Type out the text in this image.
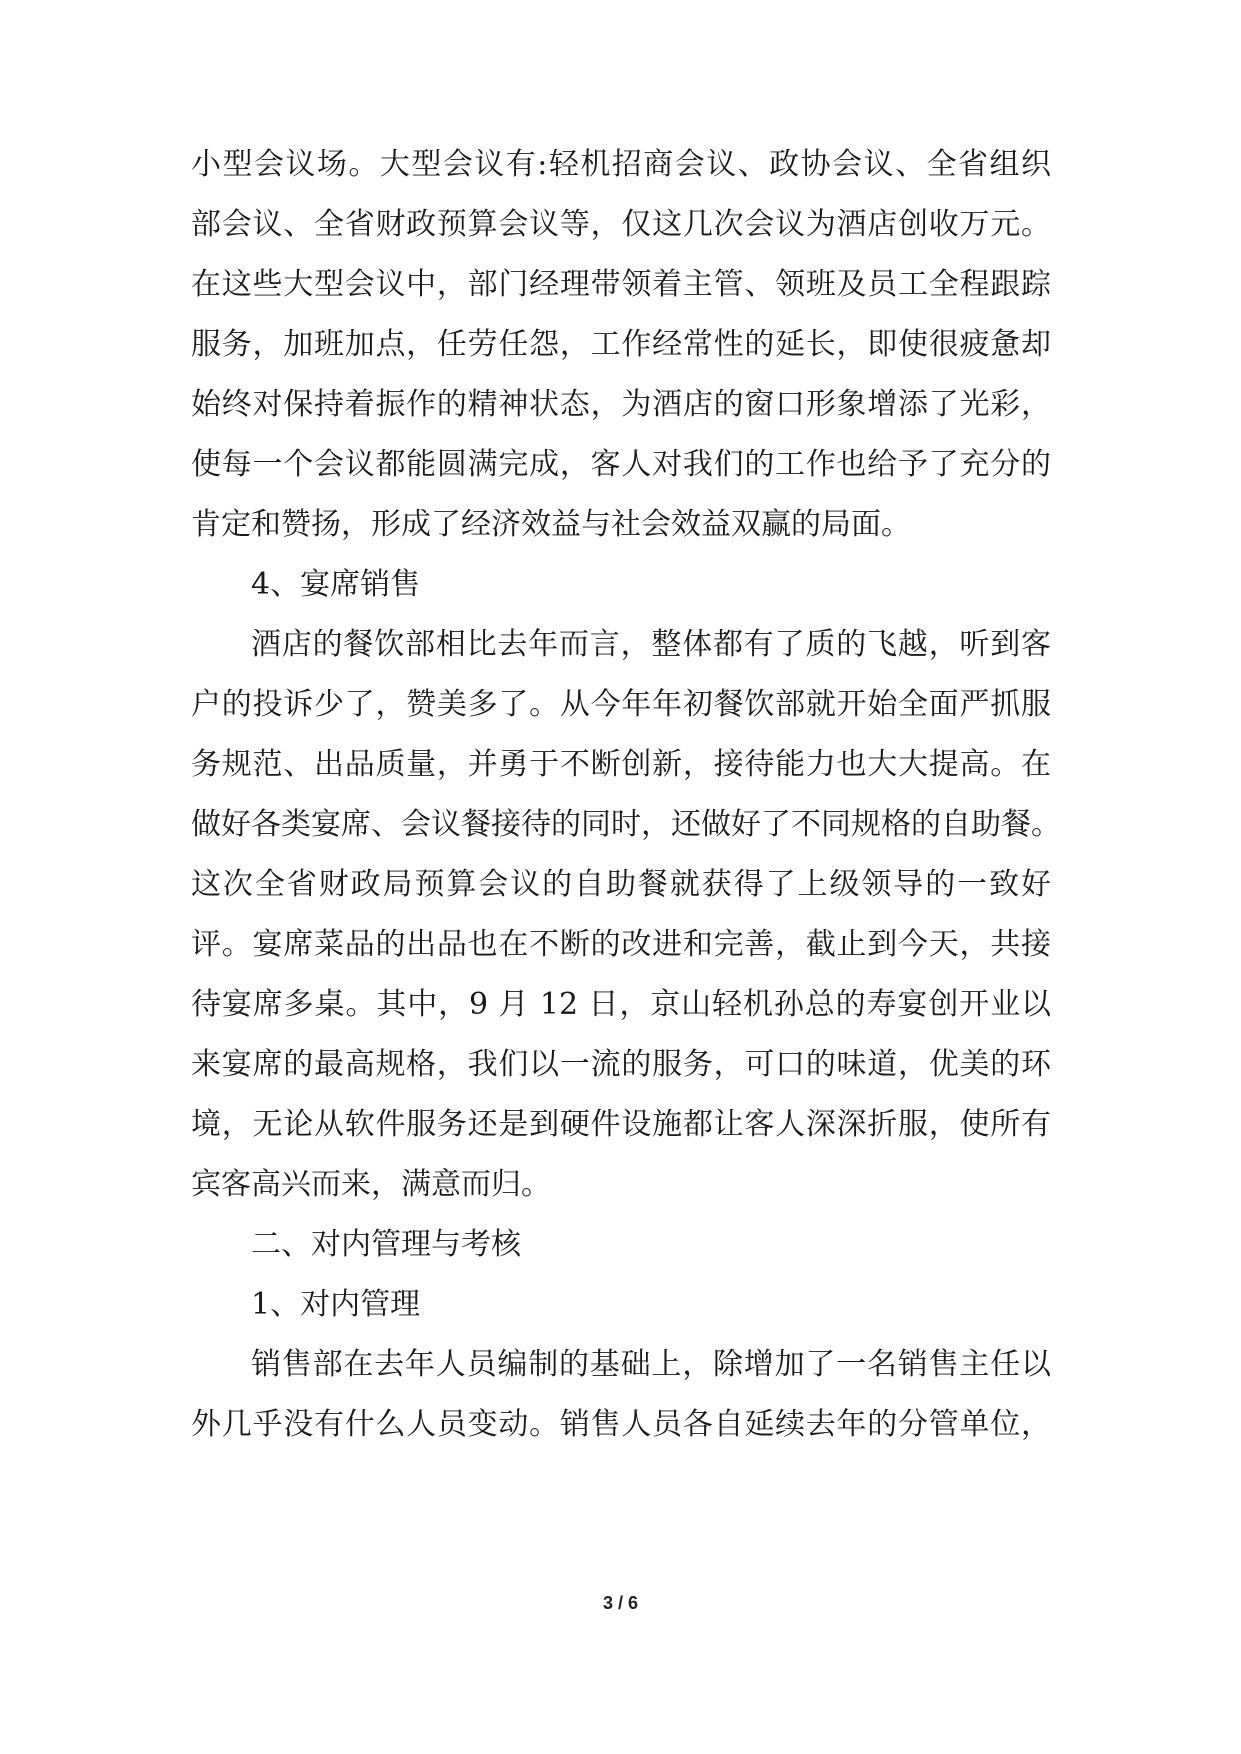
小型会议场。大型会议有:轻机招商会议、政协会议、全省组织
部会议、全省财政预算会议等，仅这几次会议为酒店创收万元。
在这些大型会议中，部门经理带领着主管、领班及员工全程跟踪
服务，加班加点，任劳任怨，工作经常性的延长，即使很疲惫却
始终对保持着振作的精神状态，为酒店的窗口形象增添了光彩，
使每一个会议都能圆满完成，客人对我们的工作也给予了充分的
肯定和赞扬，形成了经济效益与社会效益双赢的局面。
4、宴席销售
酒店的餐饮部相比去年而言，整体都有了质的飞越，听到客
户的投诉少了，赞美多了。从今年年初餐饮部就开始全面严抓服
务规范、出品质量，并勇于不断创新，接待能力也大大提高。在
做好各类宴席、会议餐接待的同时，还做好了不同规格的自助餐。
这次全省财政局预算会议的自助餐就获得了上级领导的一致好
评。宴席菜品的出品也在不断的改进和完善，截止到今天，共接
待宴席多桌。其中，9 月 12 日，京山轻机孙总的寿宴创开业以
来宴席的最高规格，我们以一流的服务，可口的味道，优美的环
境，无论从软件服务还是到硬件设施都让客人深深折服，使所有
宾客高兴而来，满意而归。
二、对内管理与考核
1、对内管理
销售部在去年人员编制的基础上，除增加了一名销售主任以
外几乎没有什么人员变动。销售人员各自延续去年的分管单位，
3 / 6
